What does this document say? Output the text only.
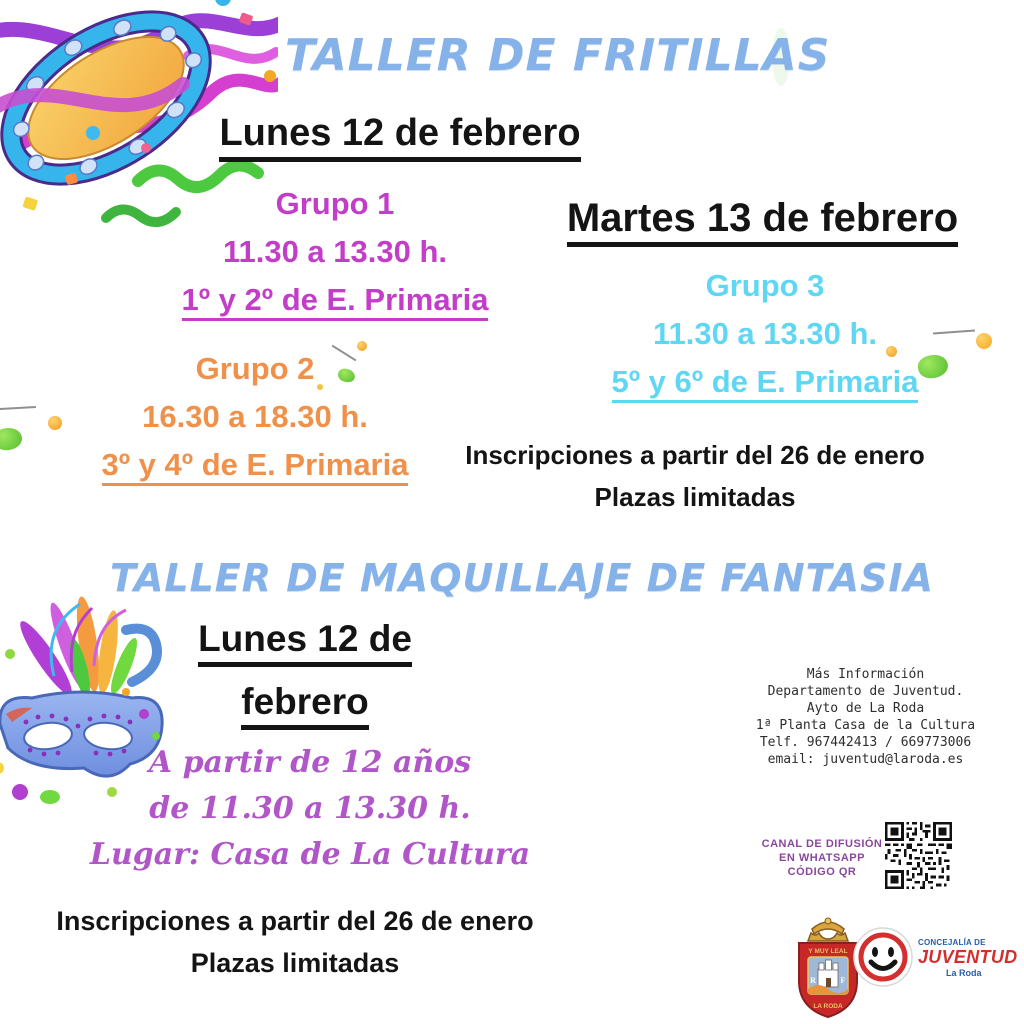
TALLER DE FRITILLAS
Lunes 12 de febrero
Grupo 1
11.30 a 13.30 h.
1º y 2º de E. Primaria
Grupo 2
16.30 a 18.30 h.
3º y 4º de E. Primaria
Martes 13 de febrero
Grupo 3
11.30 a 13.30 h.
5º y 6º de E. Primaria
Inscripciones a partir del 26 de enero
Plazas limitadas
TALLER DE MAQUILLAJE DE FANTASIA
Lunes 12 de
febrero
A partir de 12 años
de 11.30 a 13.30 h.
Lugar: Casa de La Cultura
Inscripciones a partir del 26 de enero
Plazas limitadas
Más Información
Departamento de Juventud.
Ayto de La Roda
1ª Planta Casa de la Cultura
Telf. 967442413 / 669773006
email: juventud@laroda.es
CANAL DE DIFUSIÓN
EN WHATSAPP
CÓDIGO QR
Y MUY LEAL
R	F
LA RODA
CONCEJALÍA DE
JUVENTUD
La Roda
